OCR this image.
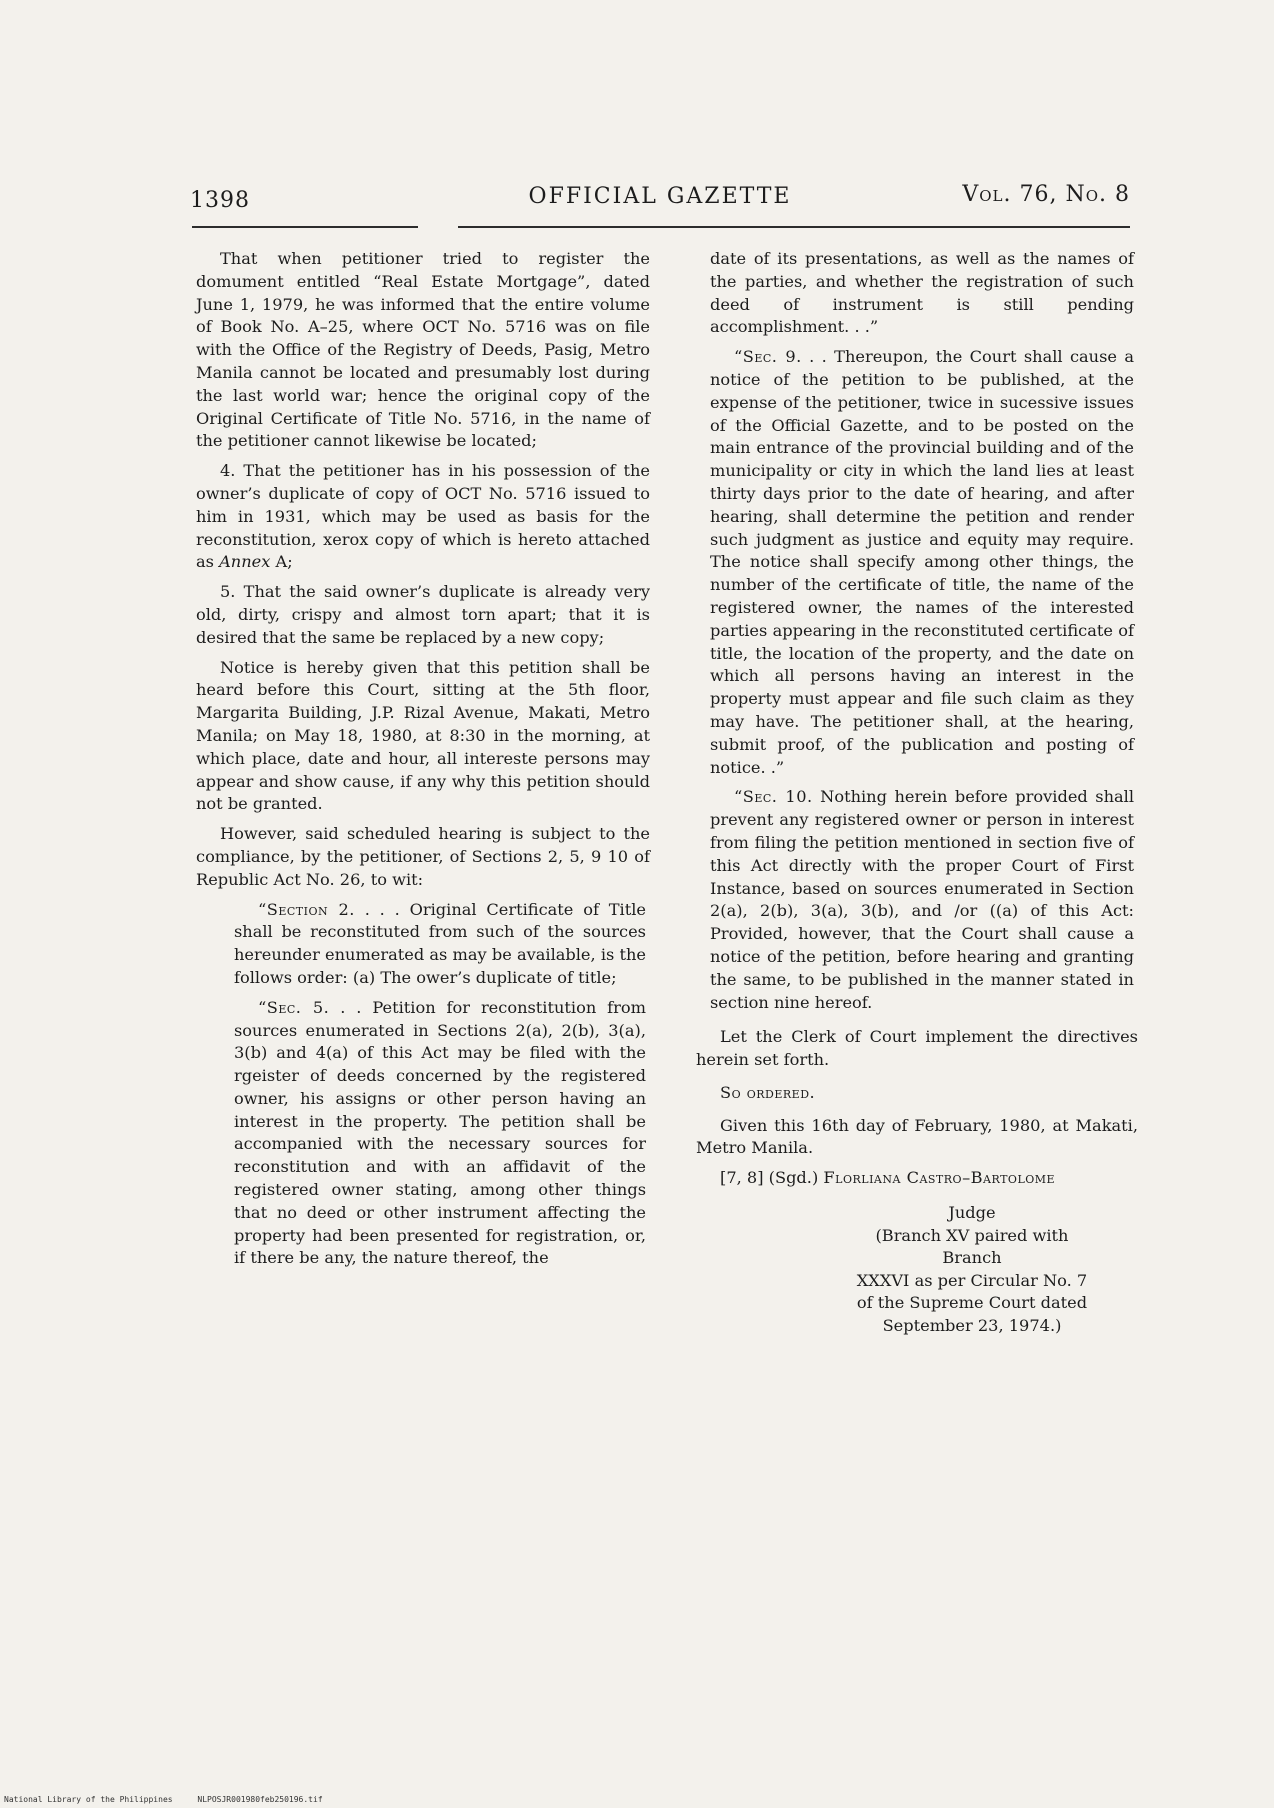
1398	OFFICIAL GAZETTE	Vol. 76, No. 8

That when petitioner tried to register the domument entitled “Real Estate Mortgage”, dated June 1, 1979, he was informed that the entire volume of Book No. A–25, where OCT No. 5716 was on file with the Office of the Registry of Deeds, Pasig, Metro Manila cannot be located and presumably lost during the last world war; hence the original copy of the Original Certificate of Title No. 5716, in the name of the petitioner cannot likewise be located;

4. That the petitioner has in his possession of the owner’s duplicate of copy of OCT No. 5716 issued to him in 1931, which may be used as basis for the reconstitution, xerox copy of which is hereto attached as Annex A;

5. That the said owner’s duplicate is already very old, dirty, crispy and almost torn apart; that it is desired that the same be replaced by a new copy;

Notice is hereby given that this petition shall be heard before this Court, sitting at the 5th floor, Margarita Building, J.P. Rizal Avenue, Makati, Metro Manila; on May 18, 1980, at 8:30 in the morning, at which place, date and hour, all intereste persons may appear and show cause, if any why this petition should not be granted.

However, said scheduled hearing is subject to the compliance, by the petitioner, of Sections 2, 5, 9 10 of Republic Act No. 26, to wit:

“Section 2. . . . Original Certificate of Title shall be reconstituted from such of the sources hereunder enumerated as may be available, is the follows order: (a) The ower’s duplicate of title;

“Sec. 5. . . Petition for reconstitution from sources enumerated in Sections 2(a), 2(b), 3(a), 3(b) and 4(a) of this Act may be filed with the rgeister of deeds concerned by the registered owner, his assigns or other person having an interest in the property. The petition shall be accompanied with the necessary sources for reconstitution and with an affidavit of the registered owner stating, among other things that no deed or other instrument affecting the property had been presented for registration, or, if there be any, the nature thereof, the

date of its presentations, as well as the names of the parties, and whether the registration of such deed of instrument is still pending accomplishment. . .”

“Sec. 9. . . Thereupon, the Court shall cause a notice of the petition to be published, at the expense of the petitioner, twice in sucessive issues of the Official Gazette, and to be posted on the main entrance of the provincial building and of the municipality or city in which the land lies at least thirty days prior to the date of hearing, and after hearing, shall determine the petition and render such judgment as justice and equity may require. The notice shall specify among other things, the number of the certificate of title, the name of the registered owner, the names of the interested parties appearing in the reconstituted certificate of title, the location of the property, and the date on which all persons having an interest in the property must appear and file such claim as they may have. The petitioner shall, at the hearing, submit proof, of the publication and posting of notice. .”

“Sec. 10. Nothing herein before provided shall prevent any registered owner or person in interest from filing the petition mentioned in section five of this Act directly with the proper Court of First Instance, based on sources enumerated in Section 2(a), 2(b), 3(a), 3(b), and /or ((a) of this Act: Provided, however, that the Court shall cause a notice of the petition, before hearing and granting the same, to be published in the manner stated in section nine hereof.

Let the Clerk of Court implement the directives herein set forth.

So ordered.

Given this 16th day of February, 1980, at Makati, Metro Manila.

[7, 8] (Sgd.) Florliana Castro–Bartolome

Judge
(Branch XV paired with Branch
XXXVI as per Circular No. 7
of the Supreme Court dated
September 23, 1974.)
National Library of the Philippines	NLPOSJR001980feb250196.tif
